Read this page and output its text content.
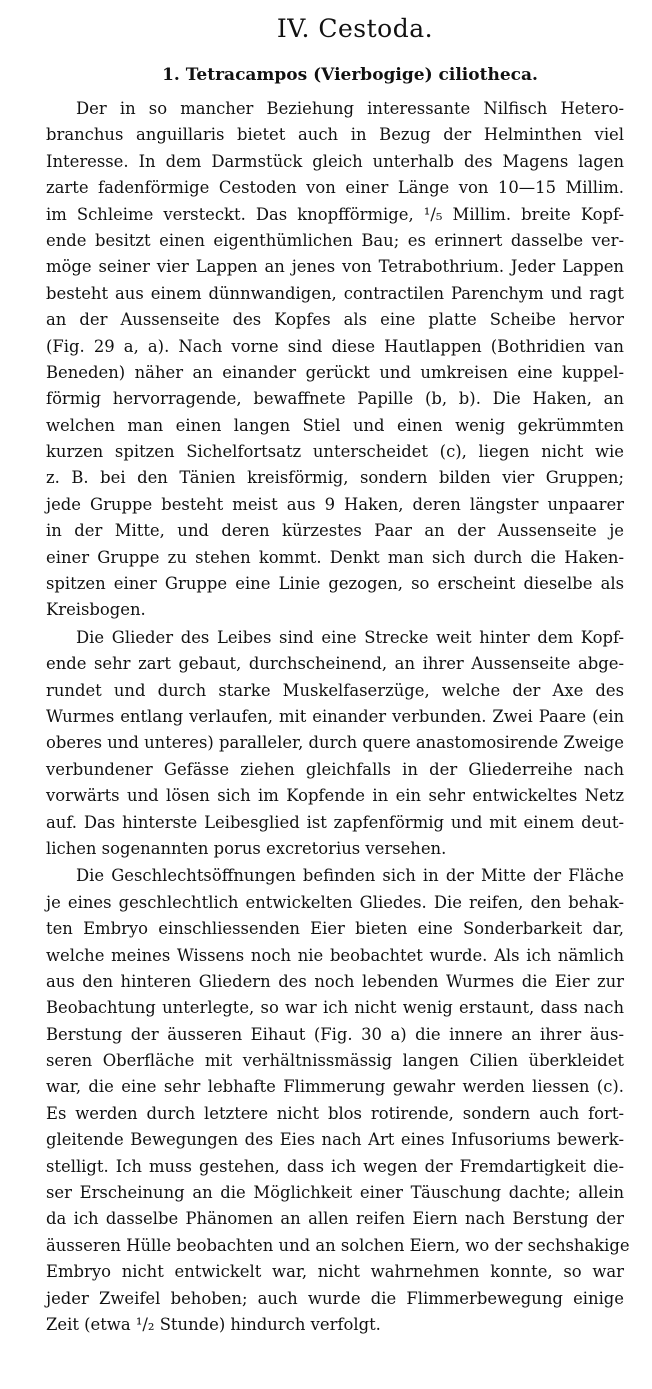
IV. Cestoda.
1. Tetracampos (Vierbogige) ciliotheca.
Der in so mancher Beziehung interessante Nilfisch Hetero-
branchus anguillaris bietet auch in Bezug der Helminthen viel
Interesse. In dem Darmstück gleich unterhalb des Magens lagen
zarte fadenförmige Cestoden von einer Länge von 10—15 Millim.
im Schleime versteckt. Das knopfförmige, ¹/₅ Millim. breite Kopf-
ende besitzt einen eigenthümlichen Bau; es erinnert dasselbe ver-
möge seiner vier Lappen an jenes von Tetrabothrium. Jeder Lappen
besteht aus einem dünnwandigen, contractilen Parenchym und ragt
an der Aussenseite des Kopfes als eine platte Scheibe hervor
(Fig. 29 a, a). Nach vorne sind diese Hautlappen (Bothridien van
Beneden) näher an einander gerückt und umkreisen eine kuppel-
förmig hervorragende, bewaffnete Papille (b, b). Die Haken, an
welchen man einen langen Stiel und einen wenig gekrümmten
kurzen spitzen Sichelfortsatz unterscheidet (c), liegen nicht wie
z. B. bei den Tänien kreisförmig, sondern bilden vier Gruppen;
jede Gruppe besteht meist aus 9 Haken, deren längster unpaarer
in der Mitte, und deren kürzestes Paar an der Aussenseite je
einer Gruppe zu stehen kommt. Denkt man sich durch die Haken-
spitzen einer Gruppe eine Linie gezogen, so erscheint dieselbe als
Kreisbogen.
Die Glieder des Leibes sind eine Strecke weit hinter dem Kopf-
ende sehr zart gebaut, durchscheinend, an ihrer Aussenseite abge-
rundet und durch starke Muskelfaserzüge, welche der Axe des
Wurmes entlang verlaufen, mit einander verbunden. Zwei Paare (ein
oberes und unteres) paralleler, durch quere anastomosirende Zweige
verbundener Gefässe ziehen gleichfalls in der Gliederreihe nach
vorwärts und lösen sich im Kopfende in ein sehr entwickeltes Netz
auf. Das hinterste Leibesglied ist zapfenförmig und mit einem deut-
lichen sogenannten porus excretorius versehen.
Die Geschlechtsöffnungen befinden sich in der Mitte der Fläche
je eines geschlechtlich entwickelten Gliedes. Die reifen, den behak-
ten Embryo einschliessenden Eier bieten eine Sonderbarkeit dar,
welche meines Wissens noch nie beobachtet wurde. Als ich nämlich
aus den hinteren Gliedern des noch lebenden Wurmes die Eier zur
Beobachtung unterlegte, so war ich nicht wenig erstaunt, dass nach
Berstung der äusseren Eihaut (Fig. 30 a) die innere an ihrer äus-
seren Oberfläche mit verhältnissmässig langen Cilien überkleidet
war, die eine sehr lebhafte Flimmerung gewahr werden liessen (c).
Es werden durch letztere nicht blos rotirende, sondern auch fort-
gleitende Bewegungen des Eies nach Art eines Infusoriums bewerk-
stelligt. Ich muss gestehen, dass ich wegen der Fremdartigkeit die-
ser Erscheinung an die Möglichkeit einer Täuschung dachte; allein
da ich dasselbe Phänomen an allen reifen Eiern nach Berstung der
äusseren Hülle beobachten und an solchen Eiern, wo der sechshakige
Embryo nicht entwickelt war, nicht wahrnehmen konnte, so war
jeder Zweifel behoben; auch wurde die Flimmerbewegung einige
Zeit (etwa ¹/₂ Stunde) hindurch verfolgt.
